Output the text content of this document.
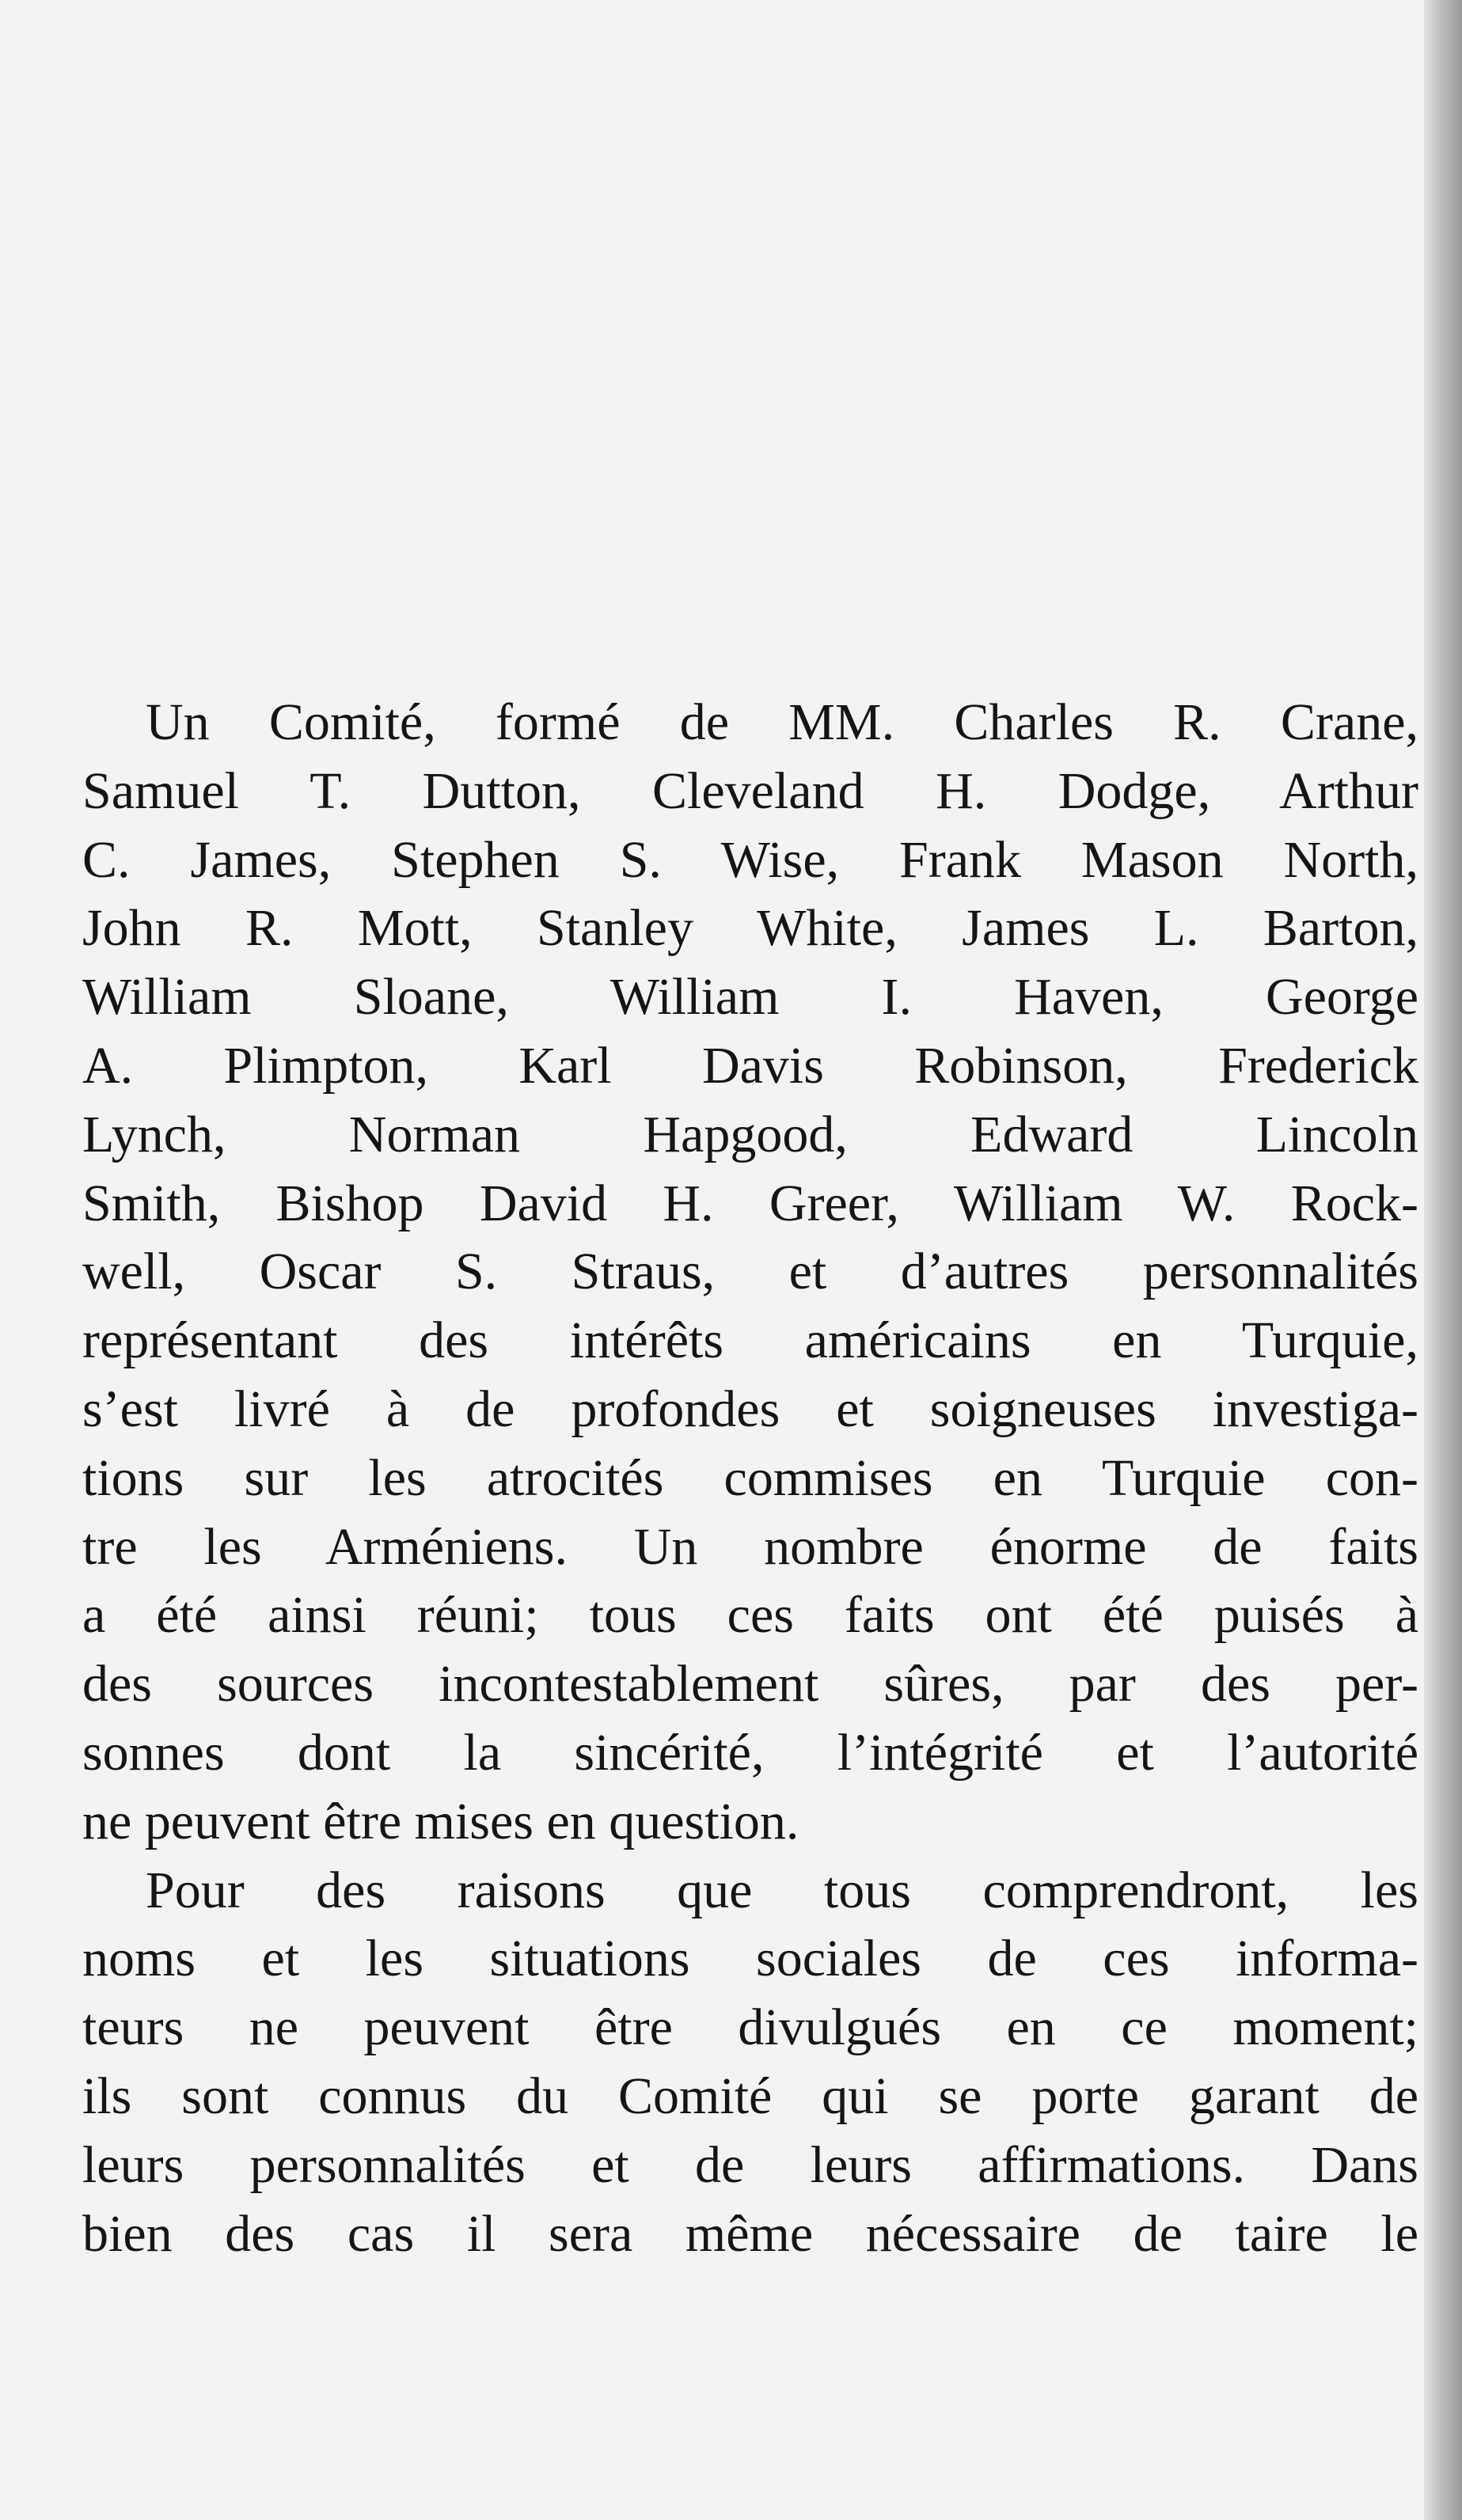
Un Comité, formé de MM. Charles R. Crane,
Samuel T. Dutton, Cleveland H. Dodge, Arthur
C. James, Stephen S. Wise, Frank Mason North,
John R. Mott, Stanley White, James L. Barton,
William Sloane, William I. Haven, George
A. Plimpton, Karl Davis Robinson, Frederick
Lynch, Norman Hapgood, Edward Lincoln
Smith, Bishop David H. Greer, William W. Rock-
well, Oscar S. Straus, et d’autres personnalités
représentant des intérêts américains en Turquie,
s’est livré à de profondes et soigneuses investiga-
tions sur les atrocités commises en Turquie con-
tre les Arméniens. Un nombre énorme de faits
a été ainsi réuni; tous ces faits ont été puisés à
des sources incontestablement sûres, par des per-
sonnes dont la sincérité, l’intégrité et l’autorité
ne peuvent être mises en question.

Pour des raisons que tous comprendront, les
noms et les situations sociales de ces informa-
teurs ne peuvent être divulgués en ce moment;
ils sont connus du Comité qui se porte garant de
leurs personnalités et de leurs affirmations. Dans
bien des cas il sera même nécessaire de taire le
